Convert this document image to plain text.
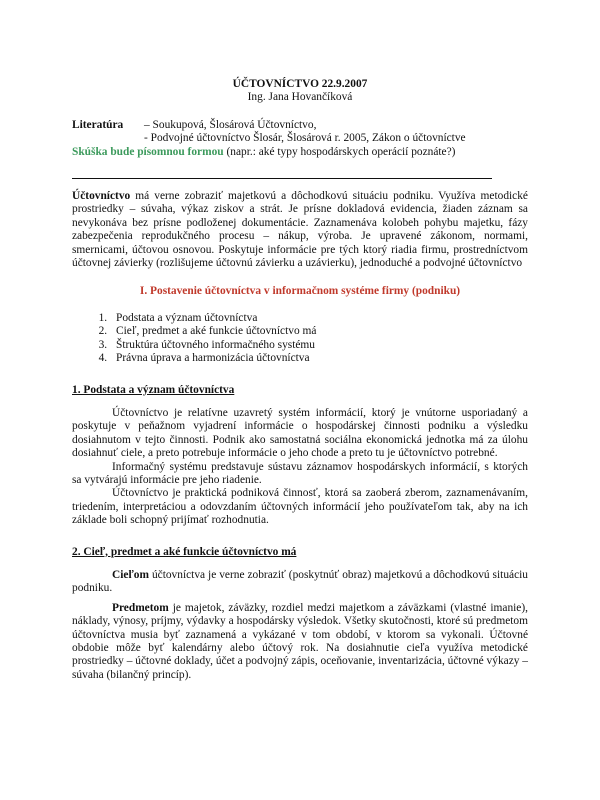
ÚČTOVNÍCTVO 22.9.2007

Ing. Jana Hovančíková

Literatúra	– Soukupová, Šlosárová Účtovníctvo,
- Podvojné účtovníctvo Šlosár, Šlosárová r. 2005, Zákon o účtovníctve
Skúška bude písomnou formou (napr.: aké typy hospodárskych operácií poznáte?)

Účtovníctvo má verne zobraziť majetkovú a dôchodkovú situáciu podniku. Využíva metodické prostriedky – súvaha, výkaz ziskov a strát. Je prísne dokladová evidencia, žiaden záznam sa nevykonáva bez prísne podloženej dokumentácie. Zaznamenáva kolobeh pohybu majetku, fázy zabezpečenia reprodukčného procesu – nákup, výroba. Je upravené zákonom, normami, smernicami, účtovou osnovou. Poskytuje informácie pre tých ktorý riadia firmu, prostredníctvom účtovnej závierky (rozlišujeme účtovnú závierku a uzávierku), jednoduché a podvojné účtovníctvo

I. Postavenie účtovníctva v informačnom systéme firmy (podniku)

1. Podstata a význam účtovníctva
2. Cieľ, predmet a aké funkcie účtovníctvo má
3. Štruktúra účtovného informačného systému
4. Právna úprava a harmonizácia účtovníctva

1. Podstata a význam účtovníctva

Účtovníctvo je relatívne uzavretý systém informácií, ktorý je vnútorne usporiadaný a poskytuje v peňažnom vyjadrení informácie o hospodárskej činnosti podniku a výsledku dosiahnutom v tejto činnosti. Podnik ako samostatná sociálna ekonomická jednotka má za úlohu dosiahnuť ciele, a preto potrebuje informácie o jeho chode a preto tu je účtovníctvo potrebné.

Informačný systému predstavuje sústavu záznamov hospodárskych informácií, s ktorých sa vytvárajú informácie pre jeho riadenie.

Účtovníctvo je praktická podniková činnosť, ktorá sa zaoberá zberom, zaznamenávaním, triedením, interpretáciou a odovzdaním účtovných informácií jeho používateľom tak, aby na ich základe boli schopný prijímať rozhodnutia.

2. Cieľ, predmet a aké funkcie účtovníctvo má

Cieľom účtovníctva je verne zobraziť (poskytnúť obraz) majetkovú a dôchodkovú situáciu podniku.

Predmetom je majetok, záväzky, rozdiel medzi majetkom a záväzkami (vlastné imanie), náklady, výnosy, príjmy, výdavky a hospodársky výsledok. Všetky skutočnosti, ktoré sú predmetom účtovníctva musia byť zaznamená a vykázané v tom období, v ktorom sa vykonali. Účtovné obdobie môže byť kalendárny alebo účtový rok. Na dosiahnutie cieľa využíva metodické prostriedky – účtovné doklady, účet a podvojný zápis, oceňovanie, inventarizácia, účtovné výkazy – súvaha (bilančný princíp).
